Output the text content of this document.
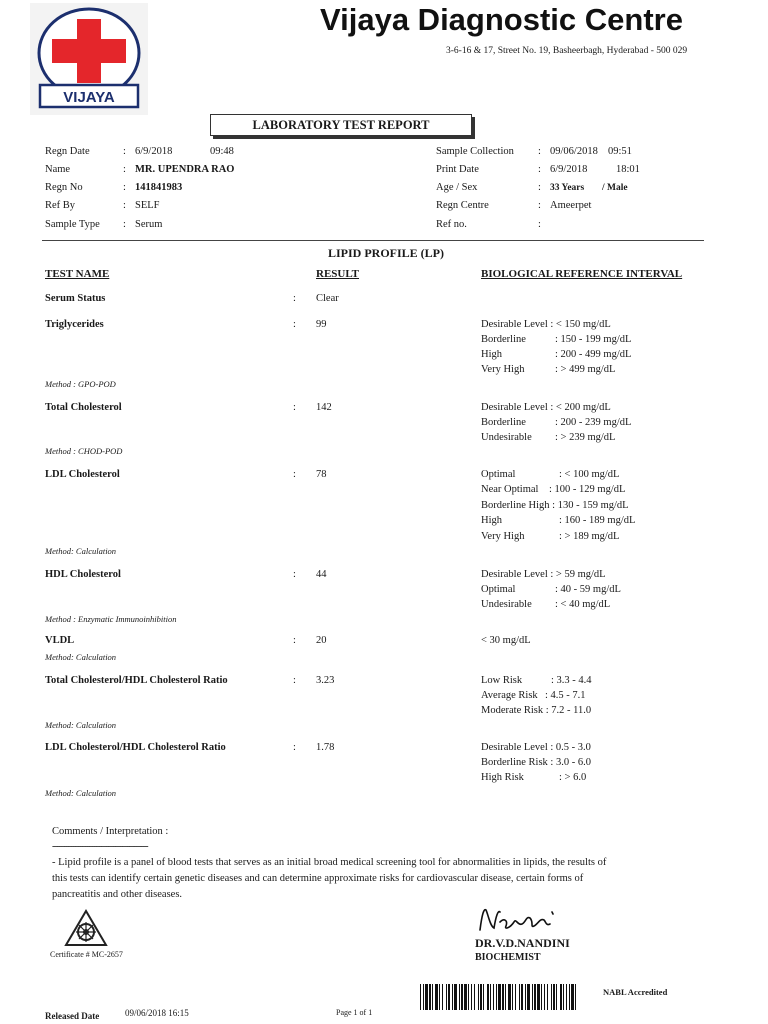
VIJAYA
Vijaya Diagnostic Centre
3-6-16 & 17, Street No. 19, Basheerbagh, Hyderabad - 500 029
LABORATORY TEST REPORT
Regn Date	: 6/9/2018	09:48
Name	: MR. UPENDRA RAO
Regn No	: 141841983
Ref By	: SELF
Sample Type : Serum
Sample Collection : 09/06/2018 09:51
Print Date	: 6/9/2018	18:01
Age / Sex	: 33 Years / Male
Regn Centre	: Ameerpet
Ref no.	:
LIPID PROFILE (LP)
TEST NAME	RESULT	BIOLOGICAL REFERENCE INTERVAL
Serum Status	: Clear
Triglycerides	: 99	Desirable Level : < 150 mg/dL
Borderline	: 150 - 199 mg/dL
High	: 200 - 499 mg/dL
Very High	: > 499 mg/dL
Method : GPO-POD
Total Cholesterol	: 142	Desirable Level : < 200 mg/dL
Borderline	: 200 - 239 mg/dL
Undesirable : > 239 mg/dL
Method : CHOD-POD
LDL Cholesterol	: 78	Optimal	: < 100 mg/dL
Near Optimal : 100 - 129 mg/dL
Borderline High : 130 - 159 mg/dL
High	: 160 - 189 mg/dL
Very High	: > 189 mg/dL
Method: Calculation
HDL Cholesterol	: 44	Desirable Level : > 59 mg/dL
Optimal	: 40 - 59 mg/dL
Undesirable : < 40 mg/dL
Method : Enzymatic Immunoinhibition
VLDL	: 20	< 30 mg/dL
Method: Calculation
Total Cholesterol/HDL Cholesterol Ratio	: 3.23	Low Risk	: 3.3 - 4.4
Average Risk : 4.5 - 7.1
Moderate Risk : 7.2 - 11.0
Method: Calculation
LDL Cholesterol/HDL Cholesterol Ratio	: 1.78	Desirable Level : 0.5 - 3.0
Borderline Risk : 3.0 - 6.0
High Risk	: > 6.0
Method: Calculation
Comments / Interpretation :
-----------------------------------------
- Lipid profile is a panel of blood tests that serves as an initial broad medical screening tool for abnormalities in lipids, the results of this tests can identify certain genetic diseases and can determine approximate risks for cardiovascular disease, certain forms of pancreatitis and other diseases.
Certificate # MC-2657
DR.V.D.NANDINI
BIOCHEMIST
NABL Accredited
Released Date	09/06/2018 16:15	Page 1 of 1
